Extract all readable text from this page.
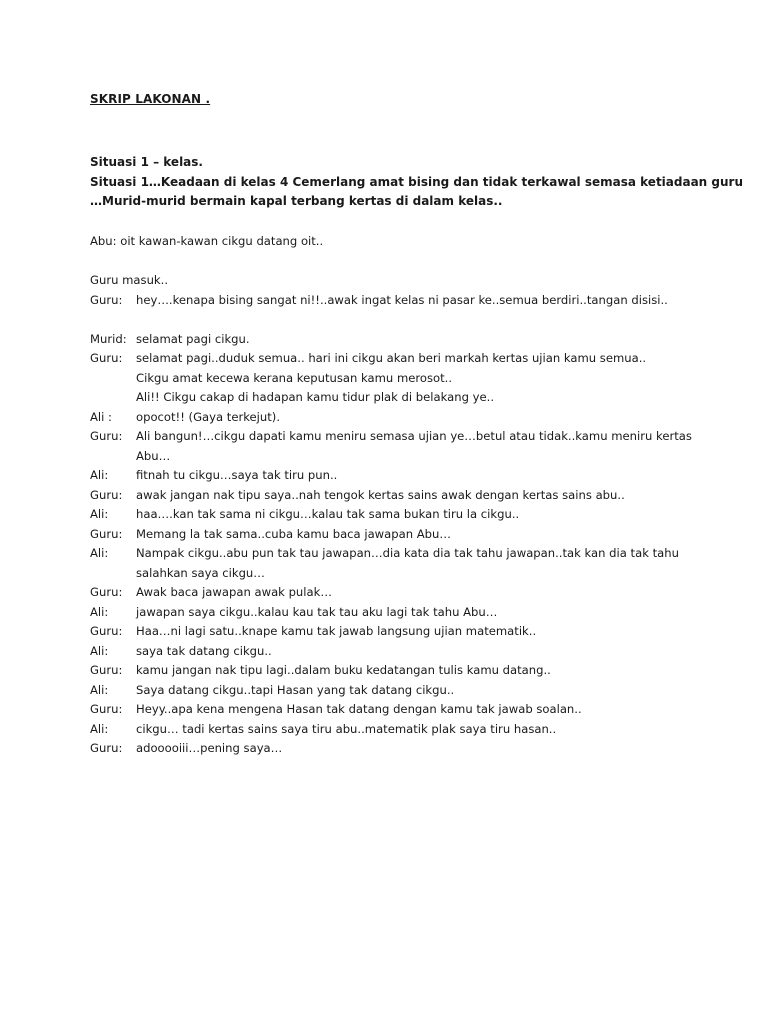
SKRIP LAKONAN .
Situasi 1 – kelas.
Situasi 1…Keadaan di kelas 4 Cemerlang amat bising dan tidak terkawal semasa ketiadaan guru
…Murid-murid bermain kapal terbang kertas di dalam kelas..
Abu: oit kawan-kawan cikgu datang oit..
Guru masuk..
Guru:	hey….kenapa bising sangat ni!!..awak ingat kelas ni pasar ke..semua berdiri..tangan disisi..
Murid: selamat pagi cikgu.
Guru:	selamat pagi..duduk semua.. hari ini cikgu akan beri markah kertas ujian kamu semua..
Cikgu amat kecewa kerana keputusan kamu merosot..
Ali!! Cikgu cakap di hadapan kamu tidur plak di belakang ye..
Ali :	opocot!! (Gaya terkejut).
Guru:	Ali bangun!…cikgu dapati kamu meniru semasa ujian ye…betul atau tidak..kamu meniru kertas
Abu…
Ali:	fitnah tu cikgu…saya tak tiru pun..
Guru:	awak jangan nak tipu saya..nah tengok kertas sains awak dengan kertas sains abu..
Ali:	haa….kan tak sama ni cikgu…kalau tak sama bukan tiru la cikgu..
Guru:	Memang la tak sama..cuba kamu baca jawapan Abu…
Ali:	Nampak cikgu..abu pun tak tau jawapan…dia kata dia tak tahu jawapan..tak kan dia tak tahu
salahkan saya cikgu…
Guru:	Awak baca jawapan awak pulak…
Ali:	jawapan saya cikgu..kalau kau tak tau aku lagi tak tahu Abu…
Guru:	Haa…ni lagi satu..knape kamu tak jawab langsung ujian matematik..
Ali:	saya tak datang cikgu..
Guru:	kamu jangan nak tipu lagi..dalam buku kedatangan tulis kamu datang..
Ali:	Saya datang cikgu..tapi Hasan yang tak datang cikgu..
Guru:	Heyy..apa kena mengena Hasan tak datang dengan kamu tak jawab soalan..
Ali:	cikgu… tadi kertas sains saya tiru abu..matematik plak saya tiru hasan..
Guru:	adooooiii…pening saya…
